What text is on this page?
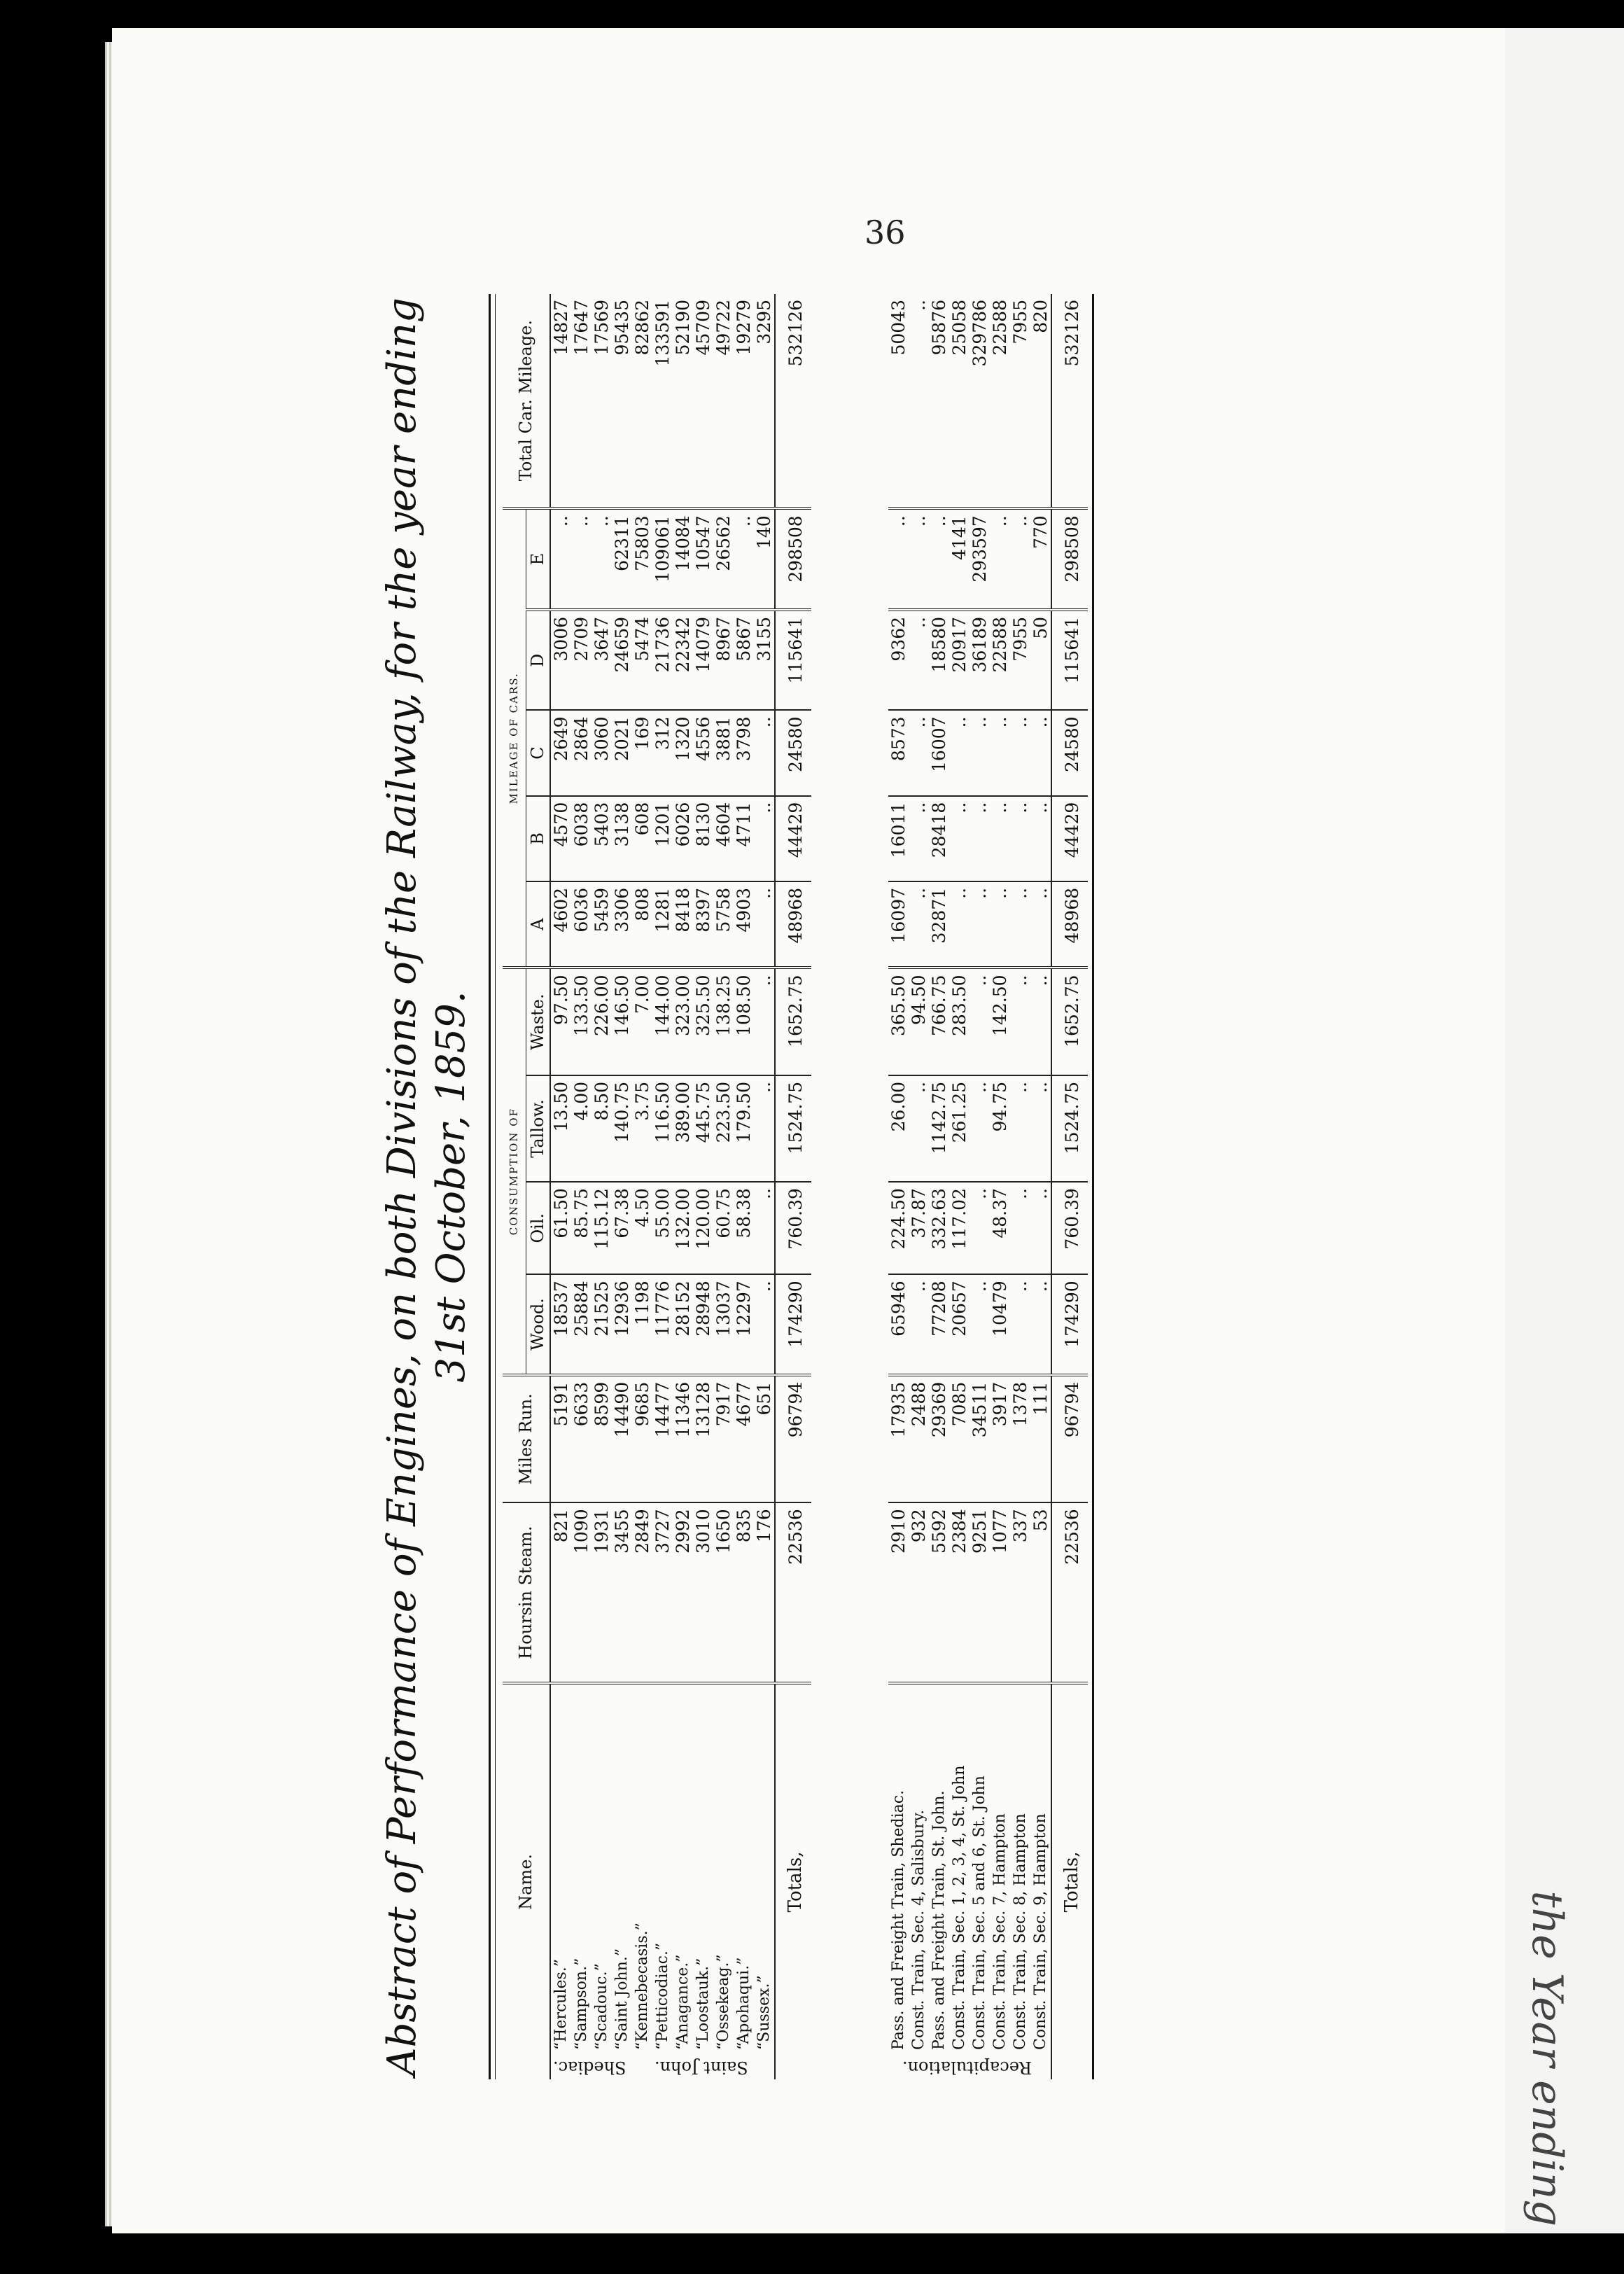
the Year ending
36
Abstract of Performance of Engines, on both Divisions of the Railway, for the year ending 31st October, 1859.
Name.		Hoursin Steam.	Miles Run.	CONSUMPTION OF				MILEAGE OF CARS.					Total Car. Mileage.
				Wood.	Oil.	Tallow.	Waste.	A	B	C	D	E	
Shediac.	“Hercules.”	821	5191	18537	61.50	13.50	97.50	4602	4570	2649	3006	..	14827
	“Sampson.”	1090	6633	25884	85.75	4.00	133.50	6036	6038	2864	2709	..	17647
	“Scadouc.”	1931	8599	21525	115.12	8.50	226.00	5459	5403	3060	3647	..	17569
	“Saint John.”	3455	14490	12936	67.38	140.75	146.50	3306	3138	2021	24659	62311	95435
Saint John.	“Kennebecasis.”	2849	9685	1198	4.50	3.75	7.00	808	608	169	5474	75803	82862
	“Petticodiac.”	3727	14477	11776	55.00	116.50	144.00	1281	1201	312	21736	109061	133591
	“Anagance.”	2992	11346	28152	132.00	389.00	323.00	8418	6026	1320	22342	14084	52190
	“Loostauk.”	3010	13128	28948	120.00	445.75	325.50	8397	8130	4556	14079	10547	45709
	“Ossekeag.”	1650	7917	13037	60.75	223.50	138.25	5758	4604	3881	8967	26562	49722
	“Apohaqui.”	835	4677	12297	58.38	179.50	108.50	4903	4711	3798	5867	..	19279
	“Sussex.”	176	651	..	..	..	..	..	..	..	3155	140	3295
Totals,		22536	96794	174290	760.39	1524.75	1652.75	48968	44429	24580	115641	298508	532126

Recapitulation.	Pass. and Freight Train, Shediac.	2910	17935	65946	224.50	26.00	365.50	16097	16011	8573	9362	..	50043
	Const. Train, Sec. 4, Salisbury.	932	2488	..	37.87	..	94.50	..	..	..	..	..	..
	Pass. and Freight Train, St. John.	5592	29369	77208	332.63	1142.75	766.75	32871	28418	16007	18580	..	95876
	Const. Train, Sec. 1, 2, 3, 4, St. John	2384	7085	20657	117.02	261.25	283.50	..	..	..	20917	4141	25058
	Const. Train, Sec. 5 and 6, St. John	9251	34511	..	..	..	..	..	..	..	36189	293597	329786
	Const. Train, Sec. 7, Hampton	1077	3917	10479	48.37	94.75	142.50	..	..	..	22588	..	22588
	Const. Train, Sec. 8, Hampton	337	1378	..	..	..	..	..	..	..	7955	..	7955
	Const. Train, Sec. 9, Hampton	53	111	..	..	..	..	..	..	..	50	770	820
Totals,		22536	96794	174290	760.39	1524.75	1652.75	48968	44429	24580	115641	298508	532126
